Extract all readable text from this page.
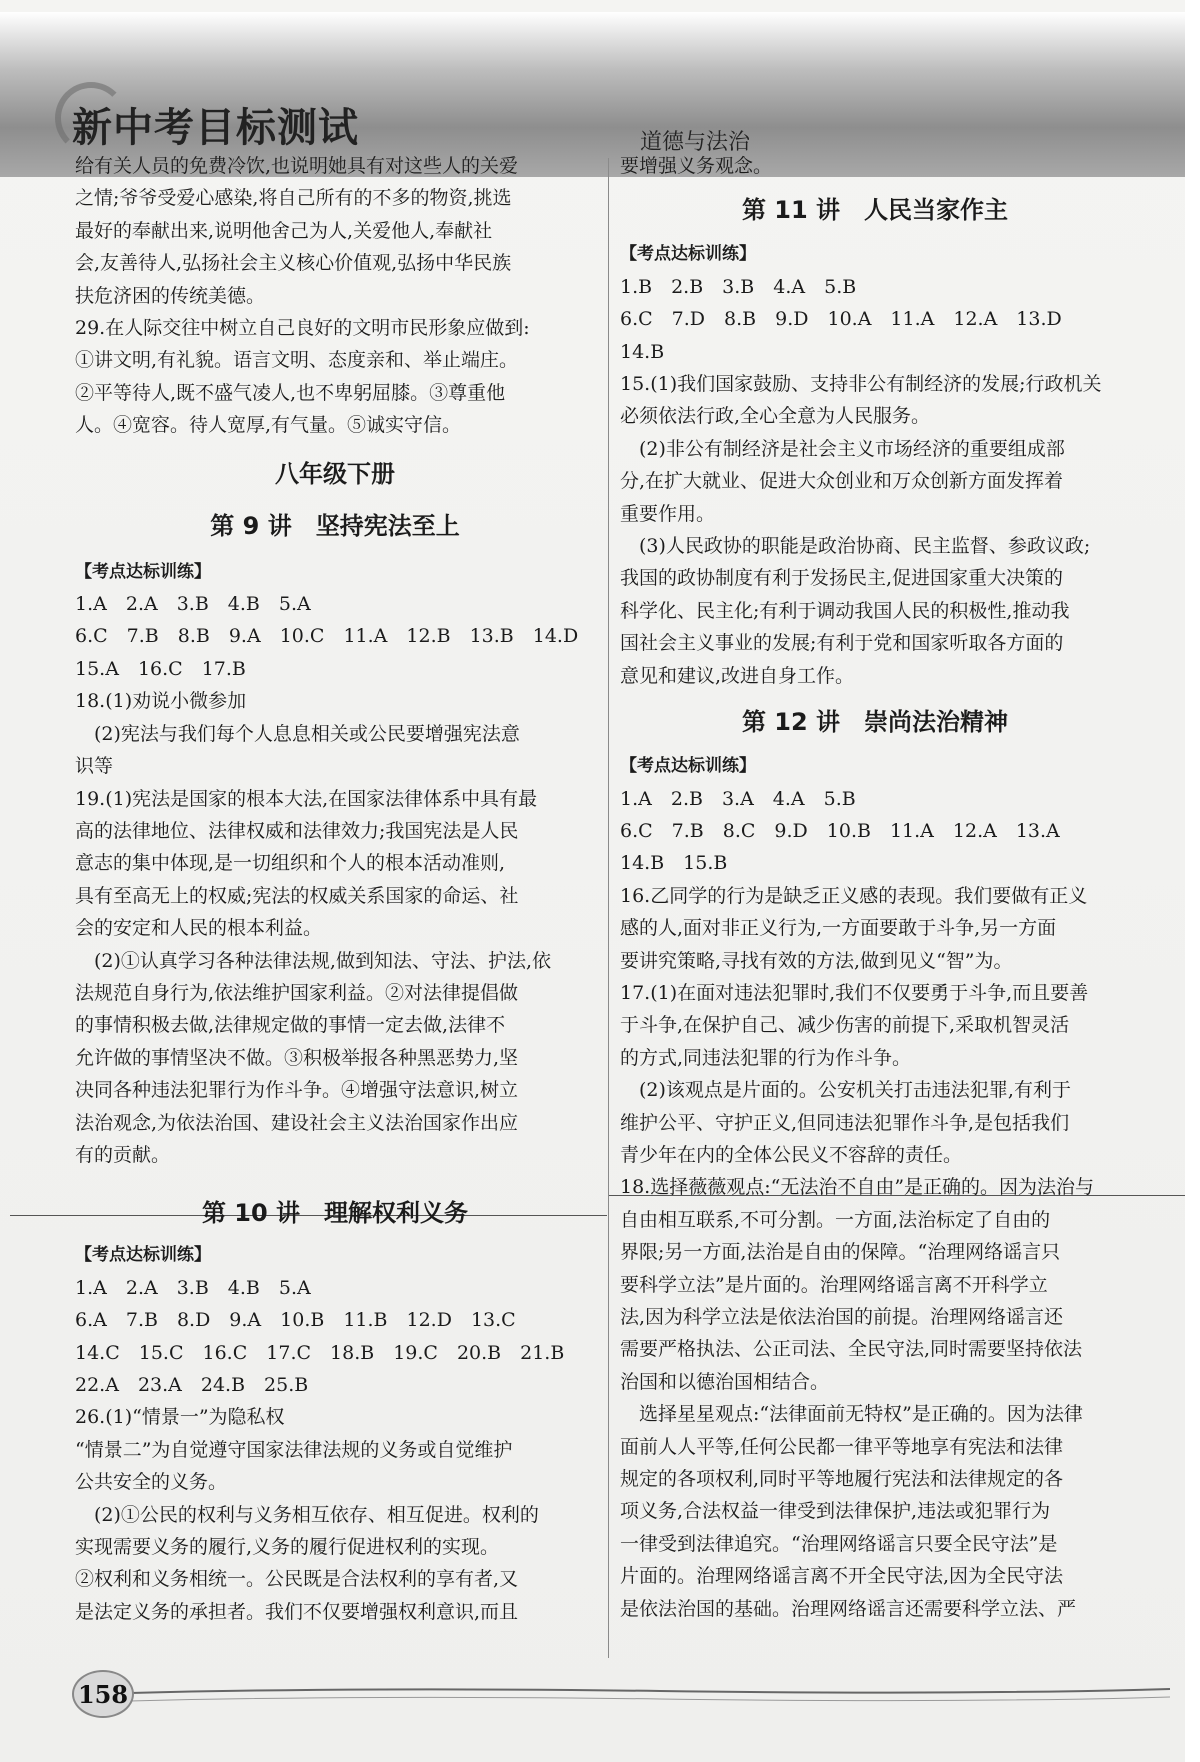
新中考目标测试	道德与法治

给有关人员的免费冷饮,也说明她具有对这些人的关爱

之情;爷爷受爱心感染,将自己所有的不多的物资,挑选

最好的奉献出来,说明他舍己为人,关爱他人,奉献社

会,友善待人,弘扬社会主义核心价值观,弘扬中华民族

扶危济困的传统美德。

29.在人际交往中树立自己良好的文明市民形象应做到:

①讲文明,有礼貌。语言文明、态度亲和、举止端庄。

②平等待人,既不盛气凌人,也不卑躬屈膝。③尊重他

人。④宽容。待人宽厚,有气量。⑤诚实守信。

八年级下册

第 9 讲　坚持宪法至上

【考点达标训练】

1.A　2.A　3.B　4.B　5.A

6.C　7.B　8.B　9.A　10.C　11.A　12.B　13.B　14.D

15.A　16.C　17.B

18.(1)劝说小微参加

　(2)宪法与我们每个人息息相关或公民要增强宪法意

识等

19.(1)宪法是国家的根本大法,在国家法律体系中具有最

高的法律地位、法律权威和法律效力;我国宪法是人民

意志的集中体现,是一切组织和个人的根本活动准则,

具有至高无上的权威;宪法的权威关系国家的命运、社

会的安定和人民的根本利益。

　(2)①认真学习各种法律法规,做到知法、守法、护法,依

法规范自身行为,依法维护国家利益。②对法律提倡做

的事情积极去做,法律规定做的事情一定去做,法律不

允许做的事情坚决不做。③积极举报各种黑恶势力,坚

决同各种违法犯罪行为作斗争。④增强守法意识,树立

法治观念,为依法治国、建设社会主义法治国家作出应

有的贡献。

第 10 讲　理解权利义务

【考点达标训练】

1.A　2.A　3.B　4.B　5.A

6.A　7.B　8.D　9.A　10.B　11.B　12.D　13.C

14.C　15.C　16.C　17.C　18.B　19.C　20.B　21.B

22.A　23.A　24.B　25.B

26.(1)“情景一”为隐私权

“情景二”为自觉遵守国家法律法规的义务或自觉维护

公共安全的义务。

　(2)①公民的权利与义务相互依存、相互促进。权利的

实现需要义务的履行,义务的履行促进权利的实现。

②权利和义务相统一。公民既是合法权利的享有者,又

是法定义务的承担者。我们不仅要增强权利意识,而且

要增强义务观念。

第 11 讲　人民当家作主

【考点达标训练】

1.B　2.B　3.B　4.A　5.B

6.C　7.D　8.B　9.D　10.A　11.A　12.A　13.D

14.B

15.(1)我们国家鼓励、支持非公有制经济的发展;行政机关

必须依法行政,全心全意为人民服务。

　(2)非公有制经济是社会主义市场经济的重要组成部

分,在扩大就业、促进大众创业和万众创新方面发挥着

重要作用。

　(3)人民政协的职能是政治协商、民主监督、参政议政;

我国的政协制度有利于发扬民主,促进国家重大决策的

科学化、民主化;有利于调动我国人民的积极性,推动我

国社会主义事业的发展;有利于党和国家听取各方面的

意见和建议,改进自身工作。

第 12 讲　崇尚法治精神

【考点达标训练】

1.A　2.B　3.A　4.A　5.B

6.C　7.B　8.C　9.D　10.B　11.A　12.A　13.A

14.B　15.B

16.乙同学的行为是缺乏正义感的表现。我们要做有正义

感的人,面对非正义行为,一方面要敢于斗争,另一方面

要讲究策略,寻找有效的方法,做到见义“智”为。

17.(1)在面对违法犯罪时,我们不仅要勇于斗争,而且要善

于斗争,在保护自己、减少伤害的前提下,采取机智灵活

的方式,同违法犯罪的行为作斗争。

　(2)该观点是片面的。公安机关打击违法犯罪,有利于

维护公平、守护正义,但同违法犯罪作斗争,是包括我们

青少年在内的全体公民义不容辞的责任。

18.选择薇薇观点:“无法治不自由”是正确的。因为法治与

自由相互联系,不可分割。一方面,法治标定了自由的

界限;另一方面,法治是自由的保障。“治理网络谣言只

要科学立法”是片面的。治理网络谣言离不开科学立

法,因为科学立法是依法治国的前提。治理网络谣言还

需要严格执法、公正司法、全民守法,同时需要坚持依法

治国和以德治国相结合。

　选择星星观点:“法律面前无特权”是正确的。因为法律

面前人人平等,任何公民都一律平等地享有宪法和法律

规定的各项权利,同时平等地履行宪法和法律规定的各

项义务,合法权益一律受到法律保护,违法或犯罪行为

一律受到法律追究。“治理网络谣言只要全民守法”是

片面的。治理网络谣言离不开全民守法,因为全民守法

是依法治国的基础。治理网络谣言还需要科学立法、严

158
